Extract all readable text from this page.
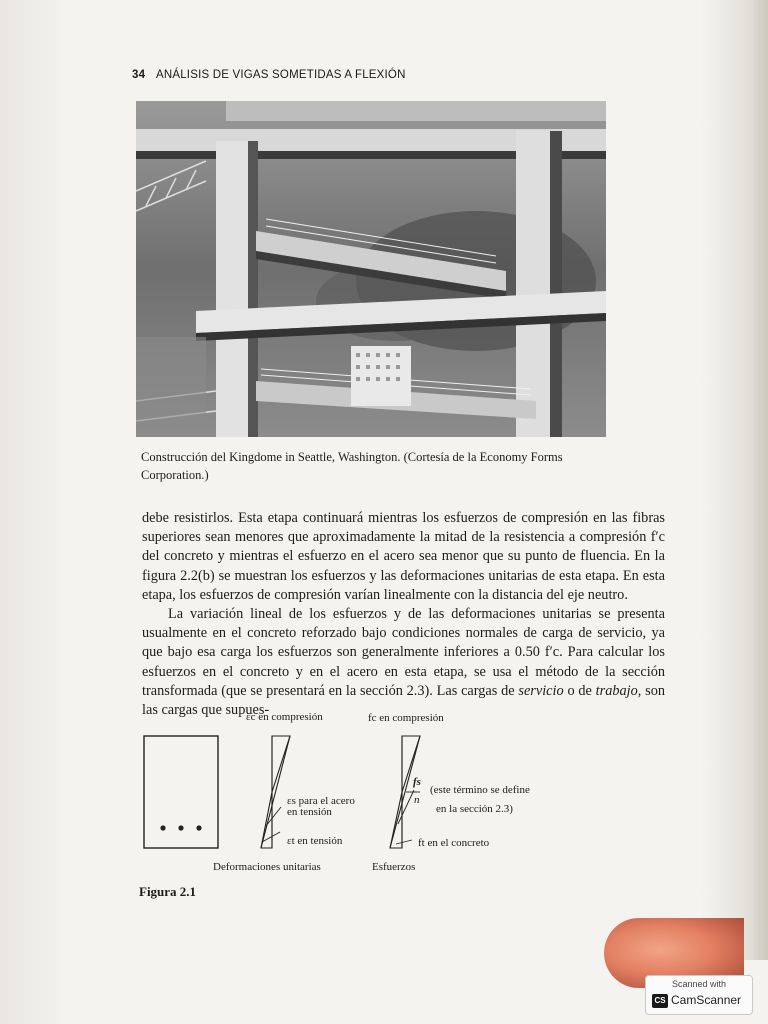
34 ANÁLISIS DE VIGAS SOMETIDAS A FLEXIÓN
Construcción del Kingdome in Seattle, Washington. (Cortesía de la Economy Forms Corporation.)

debe resistirlos. Esta etapa continuará mientras los esfuerzos de compresión en las fibras superiores sean menores que aproximadamente la mitad de la resistencia a compresión f′c del concreto y mientras el esfuerzo en el acero sea menor que su punto de fluencia. En la figura 2.2(b) se muestran los esfuerzos y las deformaciones unitarias de esta etapa. En esta etapa, los esfuerzos de compresión varían linealmente con la distancia del eje neutro.

La variación lineal de los esfuerzos y de las deformaciones unitarias se presenta usualmente en el concreto reforzado bajo condiciones normales de carga de servicio, ya que bajo esa carga los esfuerzos son generalmente inferiores a 0.50 f′c. Para calcular los esfuerzos en el concreto y en el acero en esta etapa, se usa el método de la sección transformada (que se presentará en la sección 2.3). Las cargas de servicio o de trabajo, son las cargas que supues-

εc en compresión	fc en compresión
εs para el acero
en tensión
εt en tensión
fs
n
(este término se define
en la sección 2.3)
ft en el concreto
Deformaciones unitarias	Esfuerzos
Figura 2.1
Scanned with
CS CamScanner
